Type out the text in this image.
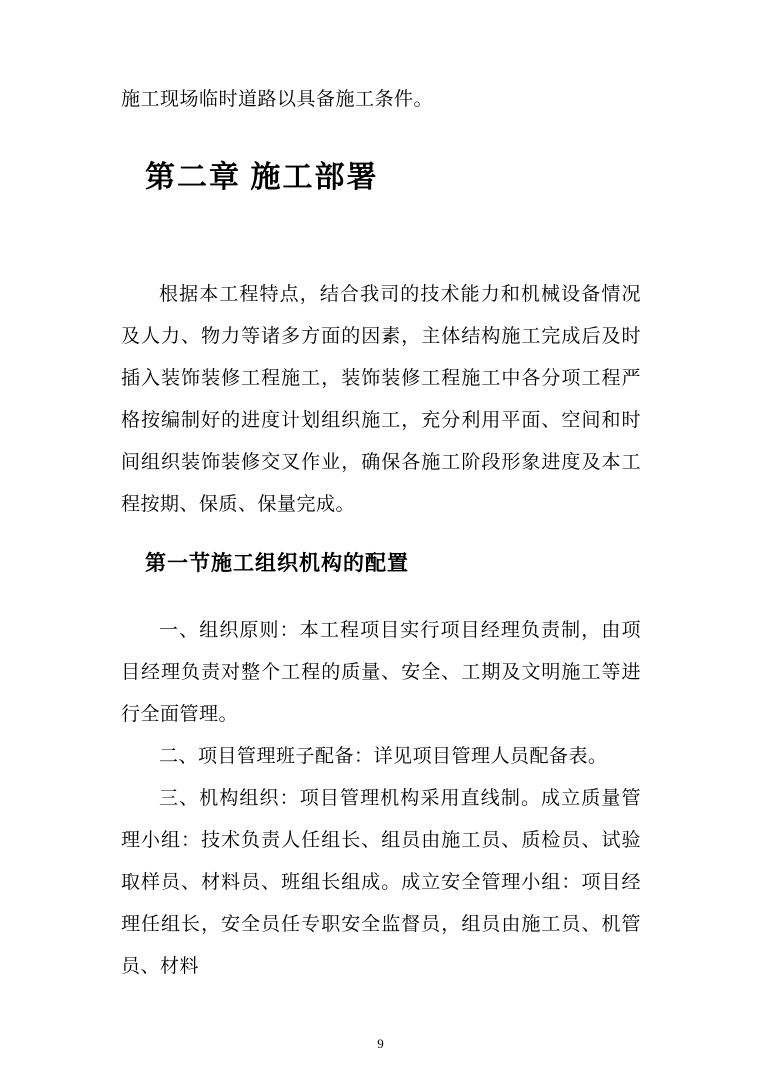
施工现场临时道路以具备施工条件。
第二章 施工部署
根据本工程特点，结合我司的技术能力和机械设备情况及人力、物力等诸多方面的因素，主体结构施工完成后及时插入装饰装修工程施工，装饰装修工程施工中各分项工程严格按编制好的进度计划组织施工，充分利用平面、空间和时间组织装饰装修交叉作业，确保各施工阶段形象进度及本工程按期、保质、保量完成。
第一节施工组织机构的配置
一、组织原则：本工程项目实行项目经理负责制，由项目经理负责对整个工程的质量、安全、工期及文明施工等进行全面管理。
二、项目管理班子配备：详见项目管理人员配备表。
三、机构组织：项目管理机构采用直线制。成立质量管理小组：技术负责人任组长、组员由施工员、质检员、试验取样员、材料员、班组长组成。成立安全管理小组：项目经理任组长，安全员任专职安全监督员，组员由施工员、机管员、材料
9
